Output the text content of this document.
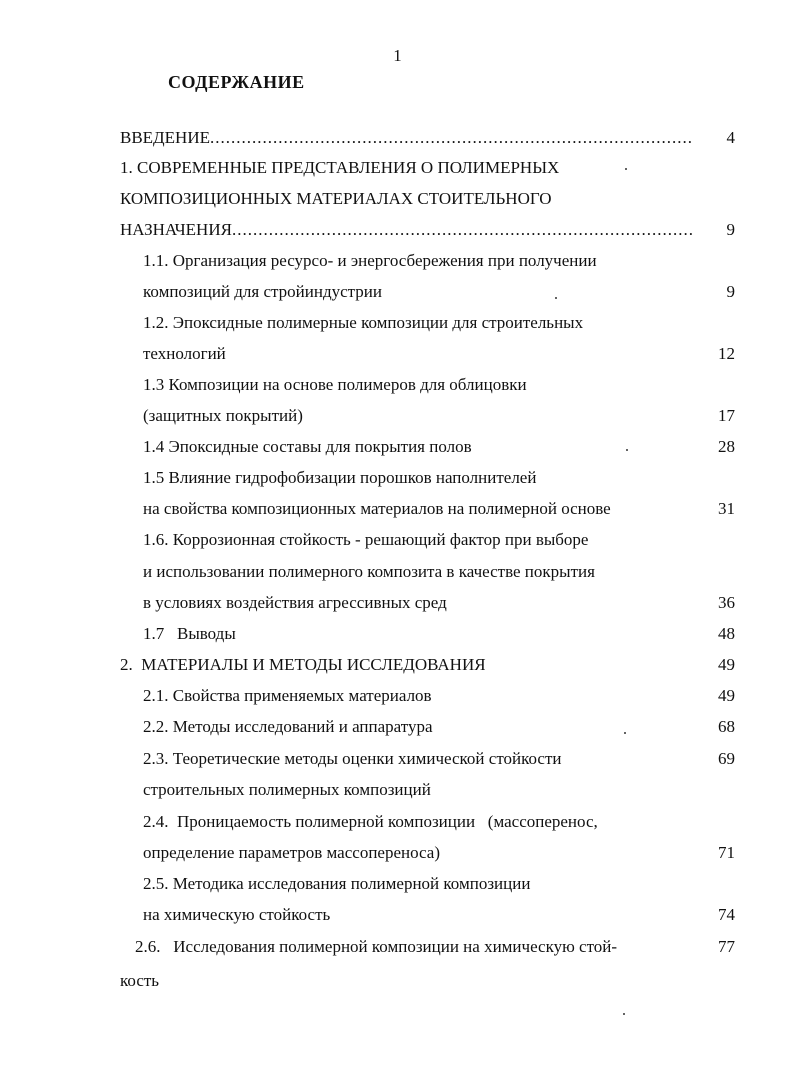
1
СОДЕРЖАНИЕ
ВВЕДЕНИЕ .....	4
1. СОВРЕМЕННЫЕ ПРЕДСТАВЛЕНИЯ О ПОЛИМЕРНЫХ
КОМПОЗИЦИОННЫХ МАТЕРИАЛАХ СТОИТЕЛЬНОГО
НАЗНАЧЕНИЯ .....	9
1.1. Организация ресурсо- и энергосбережения при получении
композиций для стройиндустрии	9
1.2. Эпоксидные полимерные композиции для строительных
технологий	12
1.3 Композиции на основе полимеров для облицовки
(защитных покрытий)	17
1.4 Эпоксидные составы для покрытия полов	28
1.5 Влияние гидрофобизации порошков наполнителей
на свойства композиционных материалов на полимерной основе	31
1.6. Коррозионная стойкость - решающий фактор при выборе
и использовании полимерного композита в качестве покрытия
в условиях воздействия агрессивных сред	36
1.7   Выводы	48
2.  МАТЕРИАЛЫ И МЕТОДЫ ИССЛЕДОВАНИЯ	49
2.1. Свойства применяемых материалов	49
2.2. Методы исследований и аппаратура	68
2.3. Теоретические методы оценки химической стойкости	69
строительных полимерных композиций
2.4.  Проницаемость полимерной композиции   (массоперенос,
определение параметров массопереноса)	71
2.5. Методика исследования полимерной композиции
на химическую стойкость	74
2.6.   Исследования полимерной композиции на химическую стой-	77
кость
